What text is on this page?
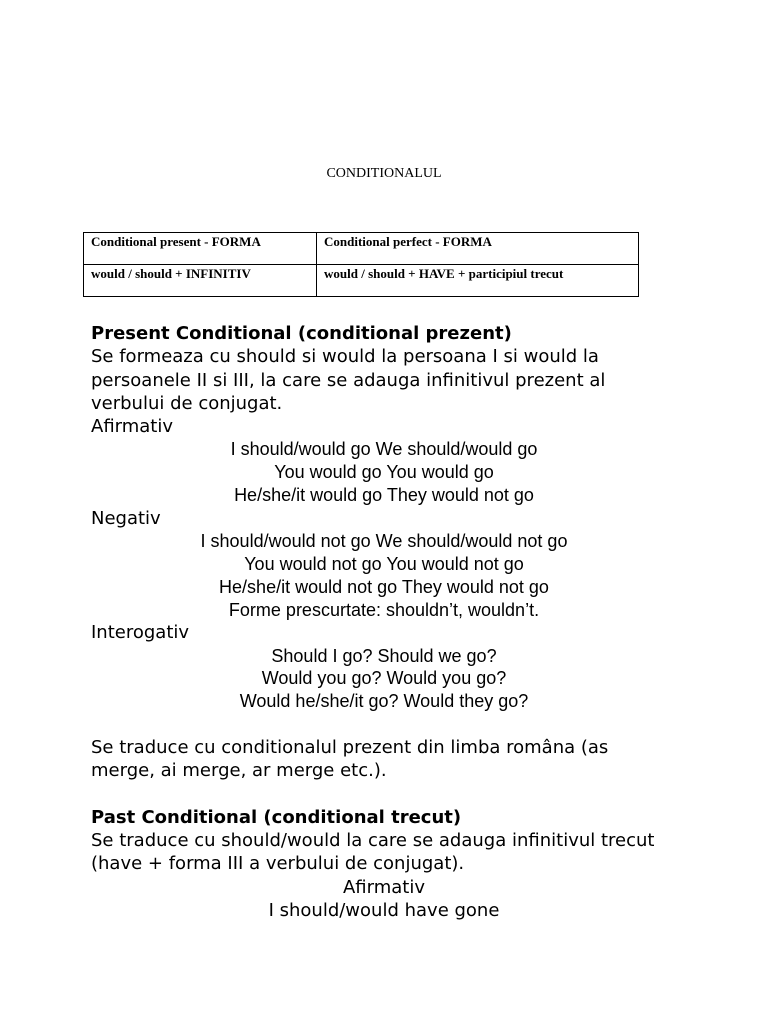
CONDITIONALUL
Conditional present - FORMA	Conditional perfect - FORMA
would / should + INFINITIV	would / should + HAVE + participiul trecut
Present Conditional (conditional prezent)

Se formeaza cu should si would la persoana I si would la persoanele II si III, la care se adauga infinitivul prezent al verbului de conjugat.

Afirmativ

I should/would go We should/would go
You would go You would go
He/she/it would go They would not go

Negativ

I should/would not go We should/would not go
You would not go You would not go
He/she/it would not go They would not go
Forme prescurtate: shouldn’t, wouldn’t.

Interogativ

Should I go? Should we go?
Would you go? Would you go?
Would he/she/it go? Would they go?

Se traduce cu conditionalul prezent din limba româna (as merge, ai merge, ar merge etc.).

Past Conditional (conditional trecut)

Se traduce cu should/would la care se adauga infinitivul trecut (have + forma III a verbului de conjugat).

Afirmativ
I should/would have gone
